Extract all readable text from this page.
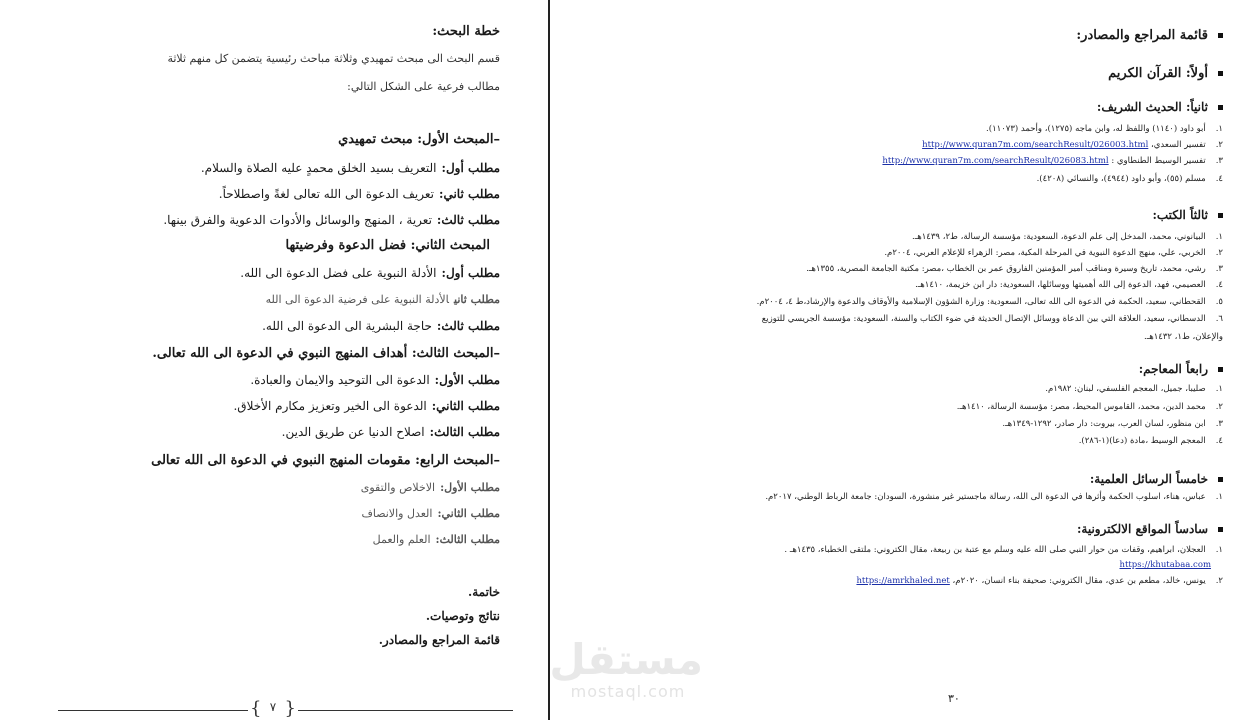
خطة البحث:
قسم البحث الى مبحث تمهيدي وثلاثة مباحث رئيسية يتضمن كل منهم ثلاثة
مطالب فرعية على الشكل التالي:
–المبحث الأول: مبحث تمهيدي
مطلب أول:التعريف بسيد الخلق محمدٍ عليه الصلاة والسلام.
مطلب ثاني:تعريف الدعوة الى الله تعالى لغةً واصطلاحاً.
مطلب ثالث:تعرية ، المنهج والوسائل والأدوات الدعوية والفرق بينها.
المبحث الثاني: فضل الدعوة وفرضيتها
مطلب أول:الأدلة النبوية على فضل الدعوة الى الله.
مطلب ثانيالأدلة النبوية على فرضية الدعوة الى الله
مطلب ثالث:حاجة البشرية الى الدعوة الى الله.
–المبحث الثالث: أهداف المنهج النبوي في الدعوة الى الله تعالى.
مطلب الأول:الدعوة الى التوحيد والايمان والعبادة.
مطلب الثاني:الدعوة الى الخير وتعزيز مكارم الأخلاق.
مطلب الثالث:اصلاح الدنيا عن طريق الدين.
–المبحث الرابع: مقومات المنهج النبوي في الدعوة الى الله تعالى
مطلب الأول:الاخلاص والتقوى
مطلب الثاني:العدل والانصاف
مطلب الثالث:العلم والعمل
خاتمة.
نتائج وتوصيات.
قائمة المراجع والمصادر.
{ ٧ }
قائمة المراجع والمصادر:
أولاً: القرآن الكريم
ثانياً: الحديث الشريف:
١.أبو داود (١١٤٠) واللفظ له، وابن ماجه (١٢٧٥)، وأحمد (١١٠٧٣).
٢.تفسير السعدي، http://www.quran7m.com/searchResult/026003.html
٣.تفسير الوسيط الطنطاوي : http://www.quran7m.com/searchResult/026083.html
٤.مسلم (٥٥)، وأبو داود (٤٩٤٤)، والنسائي (٤٢٠٨).
ثالثاً الكتب:
١.البيانوني، محمد، المدخل إلى علم الدعوة، السعودية: مؤسسة الرسالة، ط٢، ١٤٣٩هـ.
٢.الخربي، علي، منهج الدعوة النبوية في المرحلة المكية، مصر: الزهراء للإعلام العربي، ٢٠٠٤م.
٣.رشي، محمد، تاريخ وسيرة ومناقب أمير المؤمنين الفاروق عمر بن الخطاب ،مصر: مكتبة الجامعة المصرية، ١٣٥٥هـ.
٤.العصيمي، فهد، الدعوة إلى الله أهميتها ووسائلها، السعودية: دار ابن خزيمة، ١٤١٠هـ.
٥.القحطاني، سعيد، الحكمة في الدعوة الى الله تعالى، السعودية: وزارة الشؤون الإسلامية والأوقاف والدعوة والإرشاد،ط ٤، ٢٠٠٤م.
٦.الدسطاني، سعيد، العلاقة التي بين الدعاة ووسائل الإتصال الحديثة في ضوء الكتاب والسنة، السعودية: مؤسسة الجريسي للتوزيع
والإعلان، ط١، ١٤٣٢هـ.
رابعاً المعاجم:
١.صليبا، جميل، المعجم الفلسفي، لبنان: ١٩٨٢م.
٢.محمد الدين، محمد، القاموس المحيط، مصر: مؤسسة الرسالة، ١٤١٠هـ.
٣.ابن منظور، لسان العرب، بيروت: دار صادر، ١٢٩٢-١٣٤٩هـ.
٤.المعجم الوسيط ،مادة (دعا)(١-٢٨٦).
خامساً الرسائل العلمية:
١.عباس، هناء، اسلوب الحكمة وأثرها في الدعوة الى الله، رسالة ماجستير غير منشورة، السودان: جامعة الرباط الوطني، ٢٠١٧م.
سادساً المواقع الالكترونية:
١.العجلان، ابراهيم، وقفات من حوار النبي صلى الله عليه وسلم مع عتبة بن ربيعة، مقال الكتروني: ملتقى الخطباء، ١٤٣٥هـ .
https://khutabaa.com
٢.يونس، خالد، مطعم بن عدي، مقال الكتروني: صحيفة بناء انسان، ٢٠٢٠م، https://amrkhaled.net
٣٠
مستقل
mostaql.com
